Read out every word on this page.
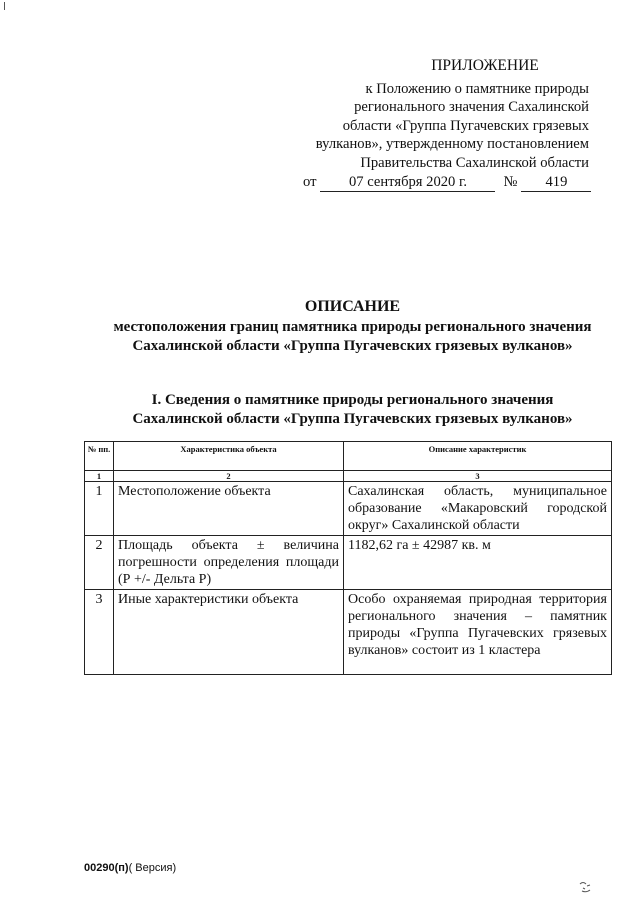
ПРИЛОЖЕНИЕ
к Положению о памятнике природы
регионального значения Сахалинской
области «Группа Пугачевских грязевых
вулканов», утвержденному постановлением
Правительства Сахалинской области
от	07 сентября 2020 г.	№	419
ОПИСАНИЕ
местоположения границ памятника природы регионального значения
Сахалинской области «Группа Пугачевских грязевых вулканов»
I. Сведения о памятнике природы регионального значения
Сахалинской области «Группа Пугачевских грязевых вулканов»
№ пп.	Характеристика объекта	Описание характеристик
1	2	3
1	Местоположение объекта	Сахалинская область, муниципальное образование «Макаровский городской округ» Сахалинской области
2	Площадь объекта ± величина погрешности определения площади (Р +/- Дельта Р)	1182,62 га ± 42987 кв. м
3	Иные характеристики объекта	Особо охраняемая природная территория регионального значения – памятник природы «Группа Пугачевских грязевых вулканов» состоит из 1 кластера
00290(п)( Версия)
